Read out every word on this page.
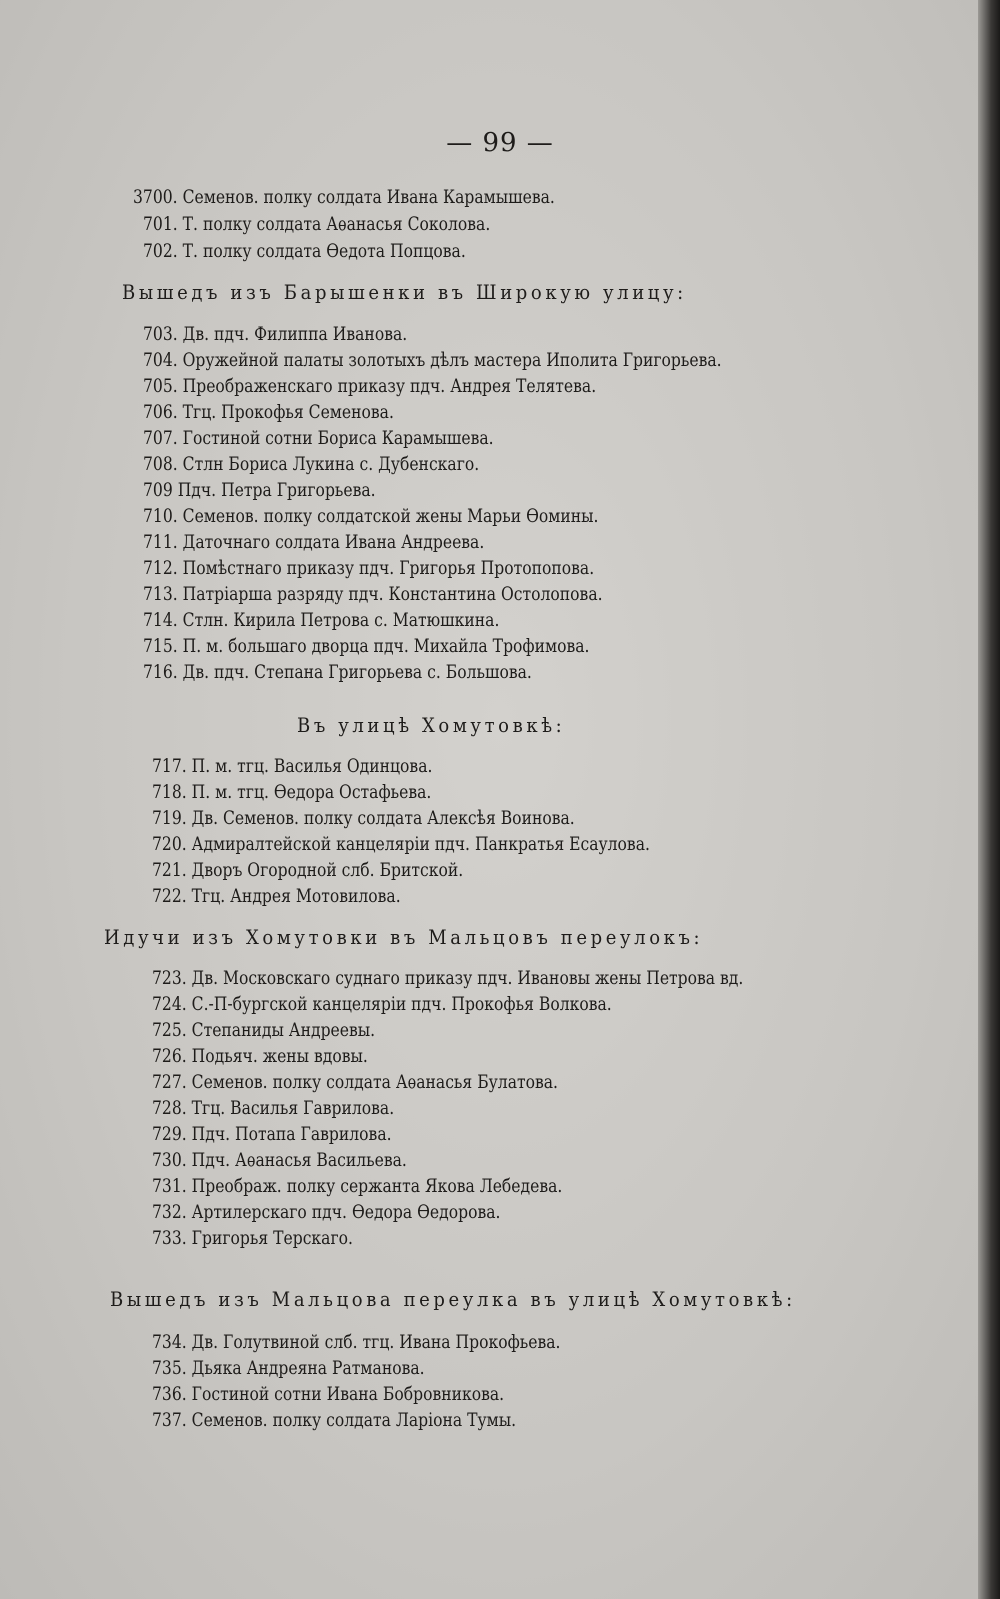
— 99 —
3700. Семенов. полку солдата Ивана Карамышева.
701. Т. полку солдата Аѳанасья Соколова.
702. Т. полку солдата Ѳедота Попцова.
Вышедъ изъ Барышенки въ Широкую улицу:
703. Дв. пдч. Филиппа Иванова.
704. Оружейной палаты золотыхъ дѣлъ мастера Иполита Григорьева.
705. Преображенскаго приказу пдч. Андрея Телятева.
706. Тгц. Прокофья Семенова.
707. Гостиной сотни Бориса Карамышева.
708. Стлн Бориса Лукина с. Дубенскаго.
709 Пдч. Петра Григорьева.
710. Семенов. полку солдатской жены Марьи Ѳомины.
711. Даточнаго солдата Ивана Андреева.
712. Помѣстнаго приказу пдч. Григорья Протопопова.
713. Патріарша разряду пдч. Константина Остолопова.
714. Стлн. Кирила Петрова с. Матюшкина.
715. П. м. большаго дворца пдч. Михайла Трофимова.
716. Дв. пдч. Степана Григорьева с. Большова.
Въ улицѣ Хомутовкѣ:
717. П. м. тгц. Василья Одинцова.
718. П. м. тгц. Ѳедора Остафьева.
719. Дв. Семенов. полку солдата Алексѣя Воинова.
720. Адмиралтейской канцеляріи пдч. Панкратья Есаулова.
721. Дворъ Огородной слб. Бритской.
722. Тгц. Андрея Мотовилова.
Идучи изъ Хомутовки въ Мальцовъ переулокъ:
723. Дв. Московскаго суднаго приказу пдч. Ивановы жены Петрова вд.
724. С.-П-бургской канцеляріи пдч. Прокофья Волкова.
725. Степаниды Андреевы.
726. Подьяч. жены вдовы.
727. Семенов. полку солдата Аѳанасья Булатова.
728. Тгц. Василья Гаврилова.
729. Пдч. Потапа Гаврилова.
730. Пдч. Аѳанасья Васильева.
731. Преображ. полку сержанта Якова Лебедева.
732. Артилерскаго пдч. Ѳедора Ѳедорова.
733. Григорья Терскаго.
Вышедъ изъ Мальцова переулка въ улицѣ Хомутовкѣ:
734. Дв. Голутвиной слб. тгц. Ивана Прокофьева.
735. Дьяка Андреяна Ратманова.
736. Гостиной сотни Ивана Бобровникова.
737. Семенов. полку солдата Ларіона Тумы.
